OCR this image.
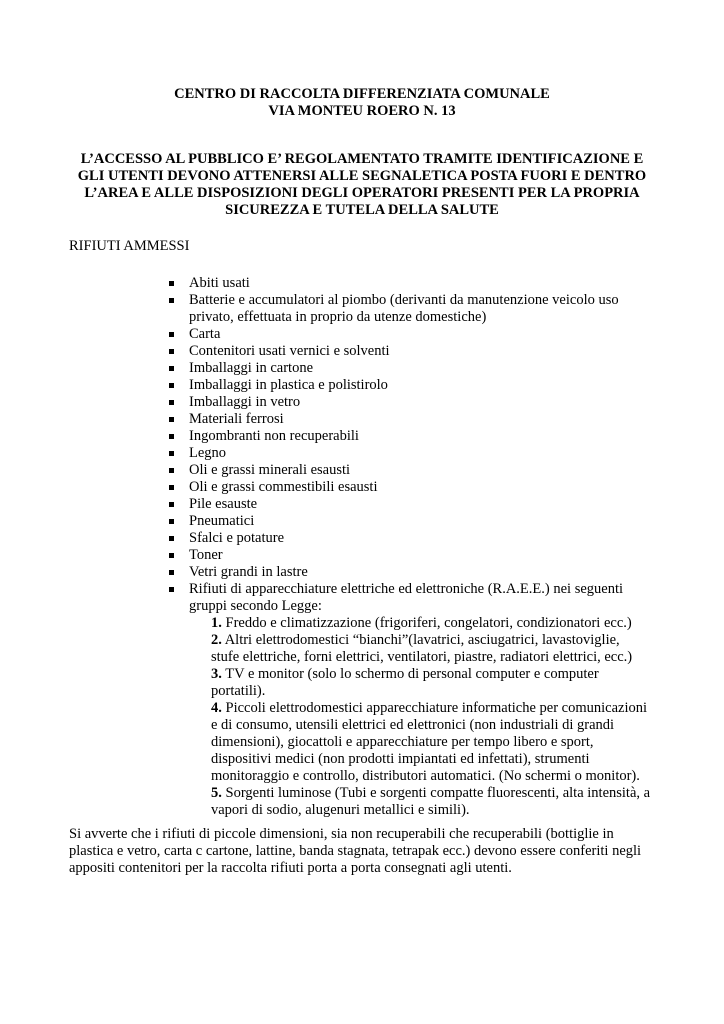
CENTRO DI RACCOLTA DIFFERENZIATA COMUNALE
VIA MONTEU ROERO N. 13
L’ACCESSO AL PUBBLICO E’ REGOLAMENTATO TRAMITE IDENTIFICAZIONE E
GLI UTENTI DEVONO ATTENERSI ALLE SEGNALETICA POSTA FUORI E DENTRO
L’AREA E ALLE DISPOSIZIONI DEGLI OPERATORI PRESENTI PER LA PROPRIA
SICUREZZA E TUTELA DELLA SALUTE
RIFIUTI AMMESSI
Abiti usati
Batterie e accumulatori al piombo (derivanti da manutenzione veicolo uso
privato, effettuata in proprio da utenze domestiche)
Carta
Contenitori usati vernici e solventi
Imballaggi in cartone
Imballaggi in plastica e polistirolo
Imballaggi in vetro
Materiali ferrosi
Ingombranti non recuperabili
Legno
Oli e grassi minerali esausti
Oli e grassi commestibili esausti
Pile esauste
Pneumatici
Sfalci e potature
Toner
Vetri grandi in lastre
Rifiuti di apparecchiature elettriche ed elettroniche (R.A.E.E.) nei seguenti
gruppi secondo Legge:
1. Freddo e climatizzazione (frigoriferi, congelatori, condizionatori ecc.)
2. Altri elettrodomestici “bianchi”(lavatrici, asciugatrici, lavastoviglie,
stufe elettriche, forni elettrici, ventilatori, piastre, radiatori elettrici, ecc.)
3. TV e monitor (solo lo schermo di personal computer e computer
portatili).
4. Piccoli elettrodomestici apparecchiature informatiche per comunicazioni
e di consumo, utensili elettrici ed elettronici (non industriali di grandi
dimensioni), giocattoli e apparecchiature per tempo libero e sport,
dispositivi medici (non prodotti impiantati ed infettati), strumenti
monitoraggio e controllo, distributori automatici. (No schermi o monitor).
5. Sorgenti luminose (Tubi e sorgenti compatte fluorescenti, alta intensità, a
vapori di sodio, alugenuri metallici e simili).
Si avverte che i rifiuti di piccole dimensioni, sia non recuperabili che recuperabili (bottiglie in
plastica e vetro, carta c cartone, lattine, banda stagnata, tetrapak ecc.) devono essere conferiti negli
appositi contenitori per la raccolta rifiuti porta a porta consegnati agli utenti.
